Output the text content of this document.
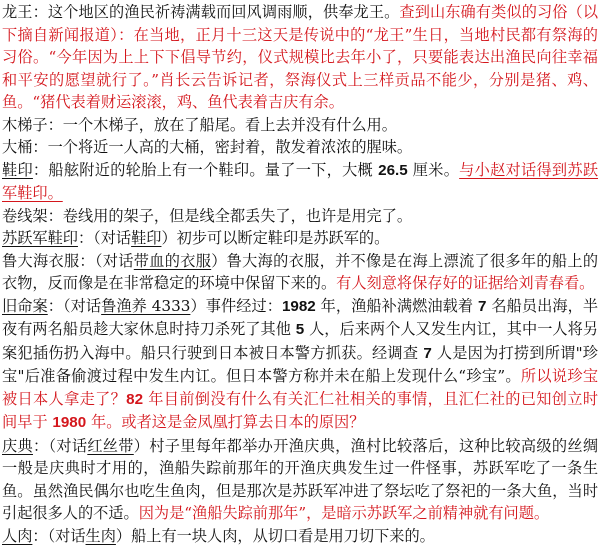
龙王：这个地区的渔民祈祷满载而回风调雨顺，供奉龙王。查到山东确有类似的习俗（以下摘自新闻报道）：在当地，正月十三这天是传说中的“龙王”生日，当地村民都有祭海的习俗。“今年因为上上下下倡导节约，仪式规模比去年小了，只要能表达出渔民向往幸福和平安的愿望就行了。”肖长云告诉记者，祭海仪式上三样贡品不能少，分别是猪、鸡、鱼。“猪代表着财运滚滚，鸡、鱼代表着吉庆有余。

木梯子：一个木梯子，放在了船尾。看上去并没有什么用。

大桶：一个将近一人高的大桶，密封着，散发着浓浓的腥味。

鞋印：船舷附近的轮胎上有一个鞋印。量了一下，大概 26.5 厘米。与小赵对话得到苏跃军鞋印。

卷线架：卷线用的架子，但是线全都丢失了，也许是用完了。

苏跃军鞋印：（对话鞋印）初步可以断定鞋印是苏跃军的。

鲁大海衣服：（对话带血的衣服）鲁大海的衣服，并不像是在海上漂流了很多年的船上的衣物，反而像是在非常稳定的环境中保留下来的。有人刻意将保存好的证据给刘青春看。

旧命案：（对话鲁渔养 4333）事件经过：1982 年，渔船补满燃油载着 7 名船员出海，半夜有两名船员趁大家休息时持刀杀死了其他 5 人，后来两个人又发生内讧，其中一人将另案犯插伤扔入海中。船只行驶到日本被日本警方抓获。经调查 7 人是因为打捞到所谓"珍宝"后准备偷渡过程中发生内讧。但日本警方称并未在船上发现什么“珍宝”。所以说珍宝被日本人拿走了？82 年目前倒没有什么有关汇仁社相关的事情，且汇仁社的已知创立时间早于 1980 年。或者这是金凤凰打算去日本的原因？

庆典：（对话红丝带）村子里每年都举办开渔庆典，渔村比较落后，这种比较高级的丝绸一般是庆典时才用的，渔船失踪前那年的开渔庆典发生过一件怪事，苏跃军吃了一条生鱼。虽然渔民偶尔也吃生鱼肉，但是那次是苏跃军冲进了祭坛吃了祭祀的一条大鱼，当时引起很多人的不适。因为是“渔船失踪前那年”，是暗示苏跃军之前精神就有问题。

人肉：（对话生肉）船上有一块人肉，从切口看是用刀切下来的。
